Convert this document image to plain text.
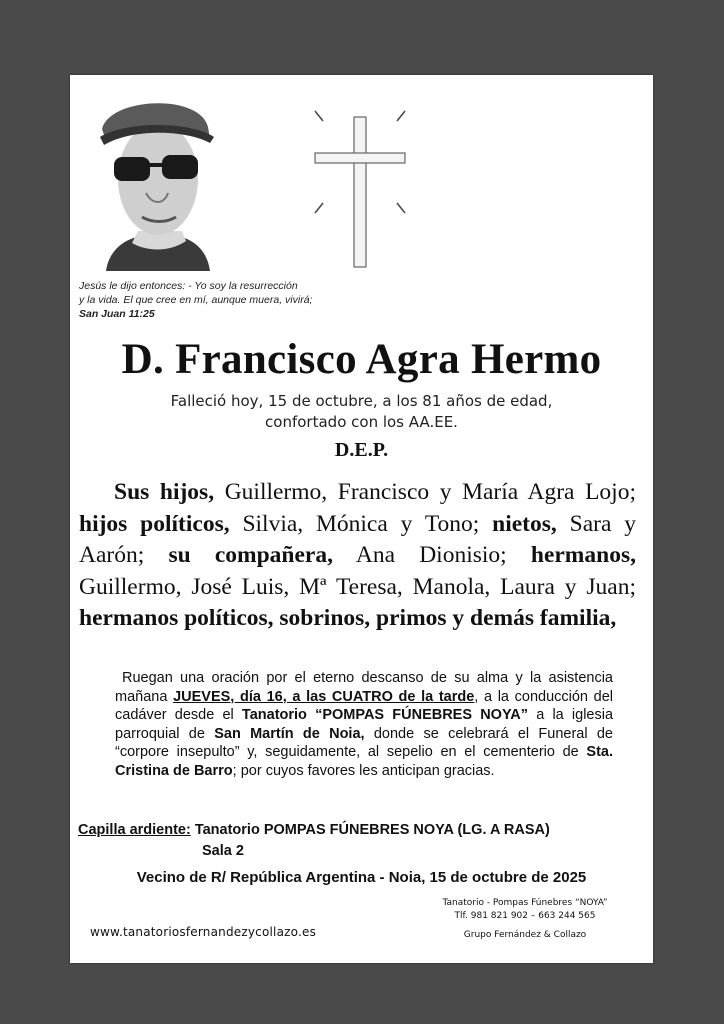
Jesús le dijo entonces: - Yo soy la resurrección
y la vida. El que cree en mí, aunque muera, vivirá;
San Juan 11:25
D. Francisco Agra Hermo
Falleció hoy, 15 de octubre, a los 81 años de edad,
confortado con los AA.EE.
D.E.P.
Sus hijos, Guillermo, Francisco y María Agra Lojo; hijos políticos, Silvia, Mónica y Tono; nietos, Sara y Aarón; su compañera, Ana Dionisio; hermanos, Guillermo, José Luis, Mª Teresa, Manola, Laura y Juan; hermanos políticos, sobrinos, primos y demás familia,
Ruegan una oración por el eterno descanso de su alma y la asistencia mañana JUEVES, día 16, a las CUATRO de la tarde, a la conducción del cadáver desde el Tanatorio “POMPAS FÚNEBRES NOYA” a la iglesia parroquial de San Martín de Noia, donde se celebrará el Funeral de “corpore insepulto” y, seguidamente, al sepelio en el cementerio de Sta. Cristina de Barro; por cuyos favores les anticipan gracias.
Capilla ardiente: Tanatorio POMPAS FÚNEBRES NOYA (LG. A RASA)
Sala 2
Vecino de R/ República Argentina - Noia, 15 de octubre de 2025
www.tanatoriosfernandezycollazo.es
Tanatorio - Pompas Fúnebres “NOYA”
Tlf. 981 821 902 – 663 244 565
Grupo Fernández & Collazo
